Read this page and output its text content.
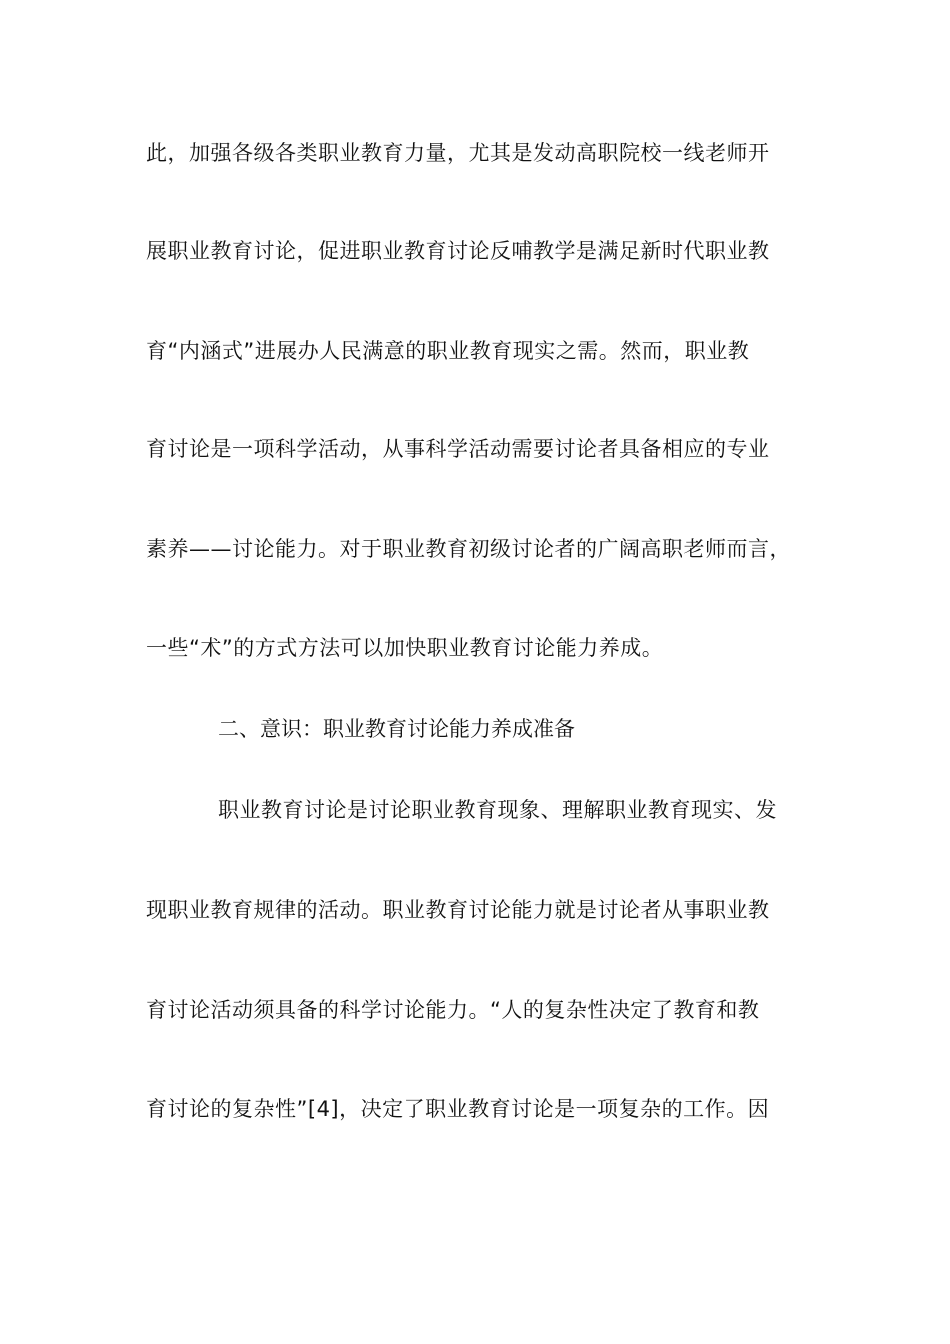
此，加强各级各类职业教育力量，尤其是发动高职院校一线老师开
展职业教育讨论，促进职业教育讨论反哺教学是满足新时代职业教
育“内涵式”进展办人民满意的职业教育现实之需。然而，职业教
育讨论是一项科学活动，从事科学活动需要讨论者具备相应的专业
素养——讨论能力。对于职业教育初级讨论者的广阔高职老师而言，
一些“术”的方式方法可以加快职业教育讨论能力养成。
二、意识：职业教育讨论能力养成准备
职业教育讨论是讨论职业教育现象、理解职业教育现实、发
现职业教育规律的活动。职业教育讨论能力就是讨论者从事职业教
育讨论活动须具备的科学讨论能力。“人的复杂性决定了教育和教
育讨论的复杂性”[4]，决定了职业教育讨论是一项复杂的工作。因
